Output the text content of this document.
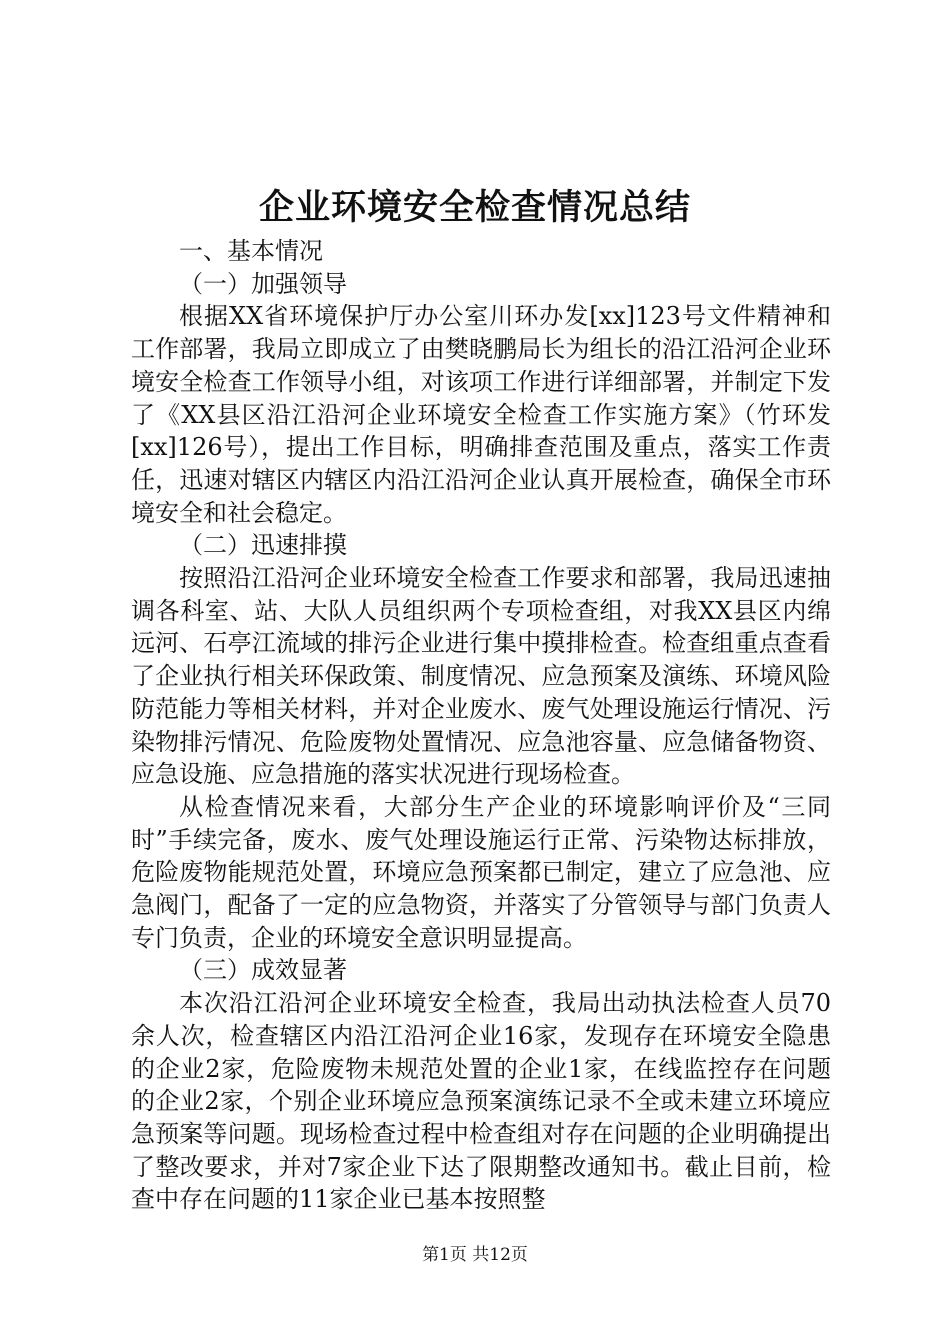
企业环境安全检查情况总结

一、基本情况

（一）加强领导

根据XX省环境保护厅办公室川环办发[xx]123号文件精神和工作部署，我局立即成立了由樊晓鹏局长为组长的沿江沿河企业环境安全检查工作领导小组，对该项工作进行详细部署，并制定下发了《XX县区沿江沿河企业环境安全检查工作实施方案》（竹环发[xx]126号），提出工作目标，明确排查范围及重点，落实工作责任，迅速对辖区内辖区内沿江沿河企业认真开展检查，确保全市环境安全和社会稳定。

（二）迅速排摸

按照沿江沿河企业环境安全检查工作要求和部署，我局迅速抽调各科室、站、大队人员组织两个专项检查组，对我XX县区内绵远河、石亭江流域的排污企业进行集中摸排检查。检查组重点查看了企业执行相关环保政策、制度情况、应急预案及演练、环境风险防范能力等相关材料，并对企业废水、废气处理设施运行情况、污染物排污情况、危险废物处置情况、应急池容量、应急储备物资、应急设施、应急措施的落实状况进行现场检查。

从检查情况来看，大部分生产企业的环境影响评价及“三同时”手续完备，废水、废气处理设施运行正常、污染物达标排放，危险废物能规范处置，环境应急预案都已制定，建立了应急池、应急阀门，配备了一定的应急物资，并落实了分管领导与部门负责人专门负责，企业的环境安全意识明显提高。

（三）成效显著

本次沿江沿河企业环境安全检查，我局出动执法检查人员70余人次，检查辖区内沿江沿河企业16家，发现存在环境安全隐患的企业2家，危险废物未规范处置的企业1家，在线监控存在问题的企业2家，个别企业环境应急预案演练记录不全或未建立环境应急预案等问题。现场检查过程中检查组对存在问题的企业明确提出了整改要求，并对7家企业下达了限期整改通知书。截止目前，检查中存在问题的11家企业已基本按照整

第1页 共12页
